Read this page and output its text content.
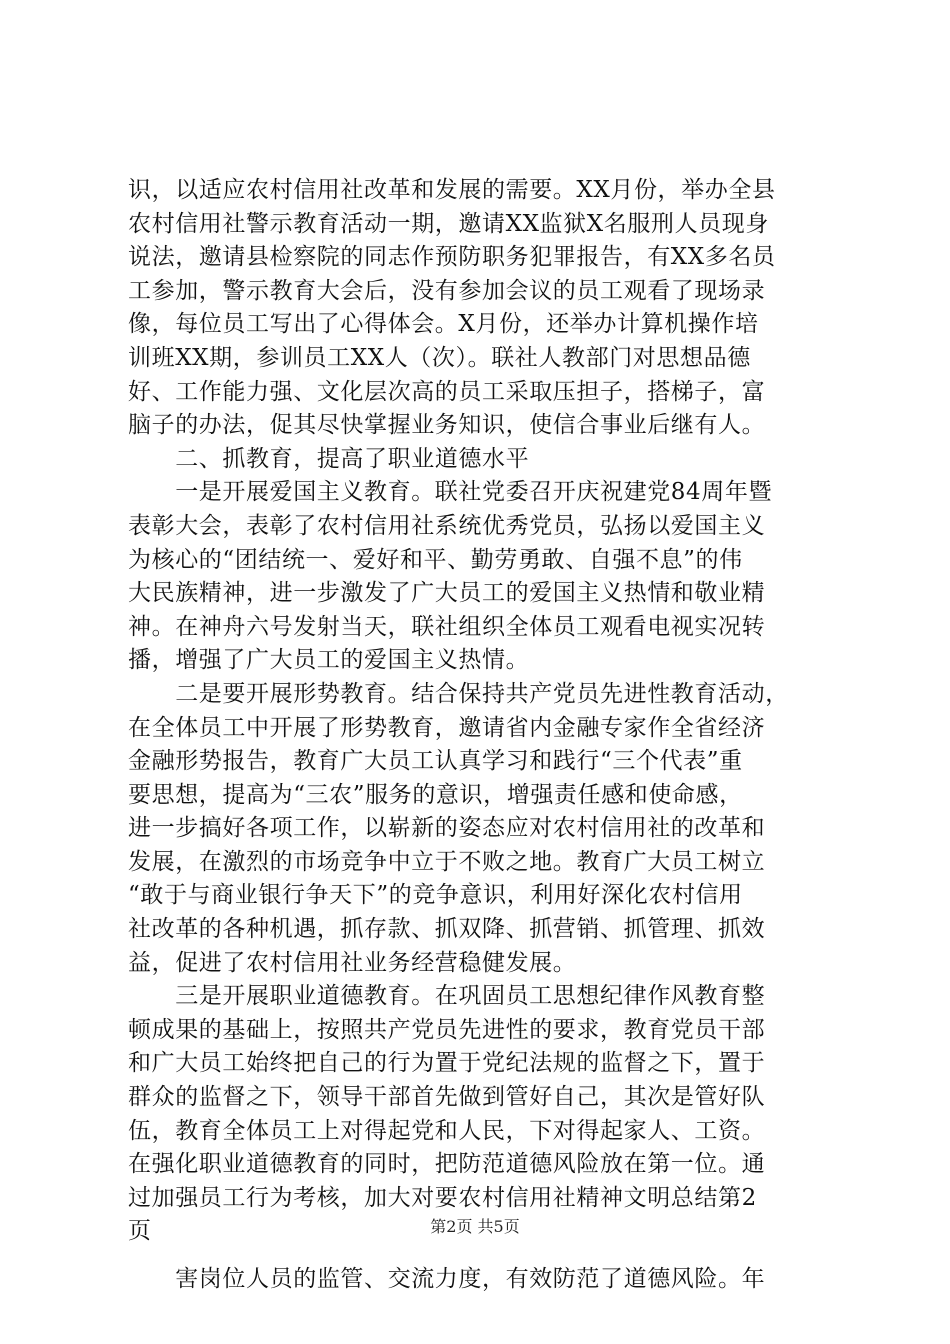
识，以适应农村信用社改革和发展的需要。XX月份，举办全县
农村信用社警示教育活动一期，邀请XX监狱X名服刑人员现身
说法，邀请县检察院的同志作预防职务犯罪报告，有XX多名员
工参加，警示教育大会后，没有参加会议的员工观看了现场录
像，每位员工写出了心得体会。X月份，还举办计算机操作培
训班XX期，参训员工XX人（次）。联社人教部门对思想品德
好、工作能力强、文化层次高的员工采取压担子，搭梯子，富
脑子的办法，促其尽快掌握业务知识，使信合事业后继有人。
　　二、抓教育，提高了职业道德水平
　　一是开展爱国主义教育。联社党委召开庆祝建党84周年暨
表彰大会，表彰了农村信用社系统优秀党员，弘扬以爱国主义
为核心的“团结统一、爱好和平、勤劳勇敢、自强不息”的伟
大民族精神，进一步激发了广大员工的爱国主义热情和敬业精
神。在神舟六号发射当天，联社组织全体员工观看电视实况转
播，增强了广大员工的爱国主义热情。
　　二是要开展形势教育。结合保持共产党员先进性教育活动，
在全体员工中开展了形势教育，邀请省内金融专家作全省经济
金融形势报告，教育广大员工认真学习和践行“三个代表”重
要思想，提高为“三农”服务的意识，增强责任感和使命感，
进一步搞好各项工作，以崭新的姿态应对农村信用社的改革和
发展，在激烈的市场竞争中立于不败之地。教育广大员工树立
“敢于与商业银行争天下”的竞争意识，利用好深化农村信用
社改革的各种机遇，抓存款、抓双降、抓营销、抓管理、抓效
益，促进了农村信用社业务经营稳健发展。
　　三是开展职业道德教育。在巩固员工思想纪律作风教育整
顿成果的基础上，按照共产党员先进性的要求，教育党员干部
和广大员工始终把自己的行为置于党纪法规的监督之下，置于
群众的监督之下，领导干部首先做到管好自己，其次是管好队
伍，教育全体员工上对得起党和人民，下对得起家人、工资。
在强化职业道德教育的同时，把防范道德风险放在第一位。通
过加强员工行为考核，加大对要农村信用社精神文明总结第2
页
　　害岗位人员的监管、交流力度，有效防范了道德风险。年
第2页 共5页
